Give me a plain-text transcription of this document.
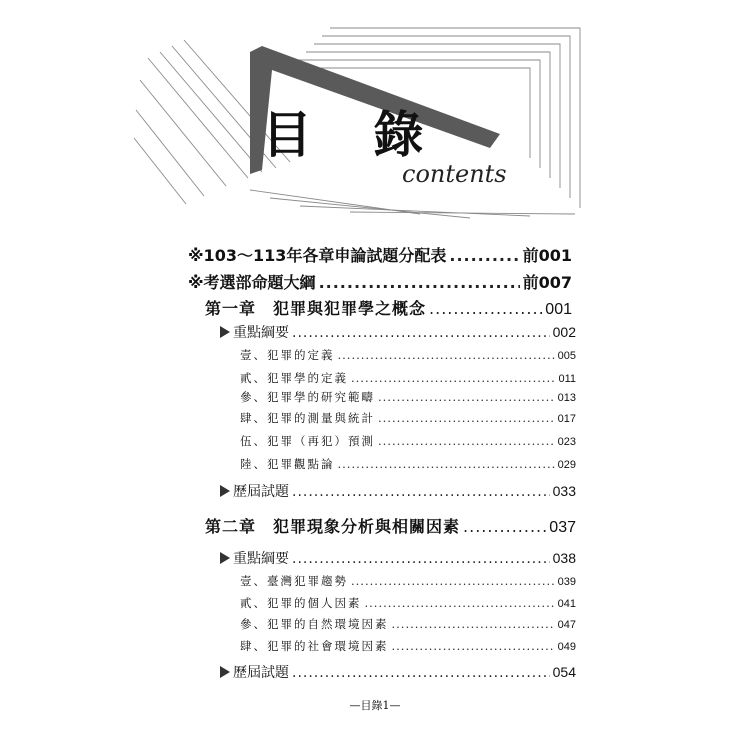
目 錄
contents
※103～113年各章申論試題分配表 .....	前001
※考選部命題大綱 .....	前007
第一章　犯罪與犯罪學之概念 .....	001
重點綱要 .....	002
壹、犯罪的定義 .....	005
貳、犯罪學的定義 .....	011
參、犯罪學的研究範疇 .....	013
肆、犯罪的測量與統計 .....	017
伍、犯罪（再犯）預測 .....	023
陸、犯罪觀點論 .....	029
歷屆試題 .....	033
第二章　犯罪現象分析與相關因素 .....	037
重點綱要 .....	038
壹、臺灣犯罪趨勢 .....	039
貳、犯罪的個人因素 .....	041
參、犯罪的自然環境因素 .....	047
肆、犯罪的社會環境因素 .....	049
歷屆試題 .....	054
—目錄1—
